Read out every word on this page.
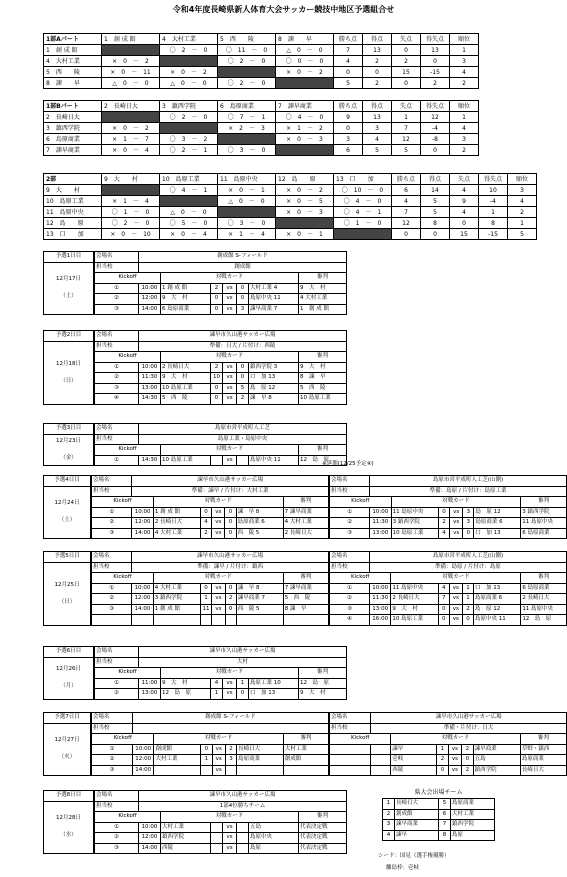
令和4年度長崎県新人体育大会サッカー競技中地区予選組合せ
1部Aパート	1　創 成 館	4　大村工業	5　西　　陵	8　諫　　早	勝ち点	得点	失点	得失点	順位
1　創 成 館		〇　2　－　0	〇　11　－　0	△　0　－　0	7	13	0	13	1
4　大村工業	×　0　－　2		〇　2　－　0	〇　0　－　0	4	2	2	0	3
5　西　　陵	×　0　－　11	×　0　－　2		×　0　－　2	0	0	15	-15	4
8　諫　　早	△　0　－　0	△　0　－　0	〇　2　－　0		5	2	0	2	2
1部Bパート	2　長崎日大	3　鎮西学院	6　島原商業	7　諫早商業	勝ち点	得点	失点	得失点	順位
2　長崎日大		〇　2　－　0	〇　7　－　1	〇　4　－　0	9	13	1	12	1
3　鎮西学院	×　0　－　2		×　2　－　3	×　1　－　2	0	3	7	-4	4
6　島原商業	×　1　－　7	〇　3　－　2		×　0　－　3	3	4	12	-8	3
7　諫早商業	×　0　－　4	〇　2　－　1	〇　3　－　0		6	5	5	0	2
2部	9　大　　村	10　島原工業	11　島原中央	12　島　　原	13　口　　加	勝ち点	得点	失点	得失点	順位
9　大　　村		〇　4　－　1	×　0　－　1	×　0　－　2	〇　10　－　0	6	14	4	10	3
10　島原工業	×　1　－　4		△　0　－　0	×　0　－　5	〇　4　－　0	4	5	9	-4	4
11　島原中央	〇　1　－　0	△　0　－　0		×　0　－　3	〇　4　－　1	7	5	4	1	2
12　島　　原	〇　2　－　0	〇　5　－　0	〇　3　－　0		〇　1　－　0	12	8	0	8	1
13　口　　加	×　0　－　10	×　0　－　4	×　1　－　4	×　0　－　1		0	0	15	-15	5
予選1日目

12月17日
（土）
会場名	創成館 S-フィールド						
担当校	創成館						
Kickoff		対戦カード					審判
①	10:00	1 創 成 館	2	vs	0	大村工業 4	9　大　村
②	12:00	9　大　村	0	vs	0	島原中央 11	4 大村工業
③	14:00	6 島原商業	0	vs	3	諫早商業 7	1　創 成 館
予選2日目

12月18日
（日）
会場名	諫早市久山港サッカー広場						
担当校	準備：日大 / 片付け：西陵						
Kickoff		対戦カード					審判
①	10:00	2 長崎日大	2	vs	0	鎮西学院 3	9　大　村
②	11:30	9　大　村	10	vs	0	口　加 13	8　諫　早
③	13:00	10 島原工業	0	vs	5	島　原 12	5　西　陵
④	14:30	5　西　陵	0	vs	2	諫　早 8	10 島原工業
予選3日目

12月23日
（金）
会場名	島原市営平成町人工芝						
担当校	島原工業・島原中央						
Kickoff		対戦カード					審判
①	14:30	10 島原工業		vs		島原中央 11	12　島　原
予選4日目

12月24日
（土）
会場名	諫早市久山港サッカー広場						
担当校	準備：諫早 / 片付け：大村工業						
Kickoff		対戦カード					審判
①	10:00	1 創 成 館	0	vs	0	諫　早 8	7 諫早商業
②	12:00	2 長崎日大	4	vs	0	島原商業 6	4 大村工業
③	14:00	4 大村工業	2	vs	0	西　陵 5	2 長崎日大
会場名	島原市営平成町人工芝(山側)						
担当校	準備：島原 / 片付け：島原工業						
Kickoff		対戦カード					審判
①	10:00	11 島原中央	0	vs	3	島　原 12	3 鎮西学院
②	11:30	3 鎮西学院	2	vs	3	島原商業 6	11 島原中央
③	13:00	10 島原工業	4	vs	0	口　加 13	6 島原商業
予選5日目

12月25日
（日）
会場名	諫早市久山港サッカー広場						
担当校	準備：諫早 / 片付け：鎮西						
Kickoff		対戦カード					審判
①	10:00	4 大村工業	0	vs	0	諫　早 8	7 諫早商業
②	12:00	3 鎮西学院	1	vs	2	諫早商業 7	5　西　陵
③	14:00	1 創 成 館	11	vs	0	西　陵 5	8 諫　早

会場名	島原市営平成町人工芝(山側)						
担当校	準備：島原 / 片付け：島原						
Kickoff		対戦カード					審判
①	10:00	11 島原中央	4	vs	1	口　加 13	6 島原商業
②	11:30	2 長崎日大	7	vs	1	島原商業 6	2 長崎日大
③	13:00	9　大　村	0	vs	2	島　原 12	11 島原中央
④	16:00	10 島原工業	0	vs	0	島原中央 11	12　島　原
予選6日目

12月26日
（月）
会場名	諫早市久山港サッカー広場						
担当校	大村						
Kickoff		対戦カード					審判
①	11:00	9　大　村	4	vs	1	島原工業 10	12　島　原
②	13:00	12　島　原	1	vs	0	口　加 13	9　大　村
予選7日目

12月27日
（火）
会場名	創成館 S-フィールド						
担当校							
Kickoff		対戦カード					審判
①	10:00	創成館	0	vs	2	長崎日大	大村工業
②	12:00	大村工業	1	vs	3	島原商業	創成館
③	14:00			vs			
会場名	諫早市久山港サッカー広場						
担当校	準備・片付け：日大						
Kickoff		対戦カード					審判
		諫早	1	vs	2	諫早商業	草野・鎮西
		壱岐	2	vs	0	五島	島原商業
		西陵	0	vs	2	鎮西学院	長崎日大
予選8日目

12月28日
（水）
会場名	諫早市久山港サッカー広場						
担当校	1部4位勝ちチーム						
Kickoff		対戦カード					審判
①	10:00	大村工業		vs		五島	代表決定戦
②	12:00	鎮西学院		vs		島原中央	代表決定戦
③	14:00	西陵		vs		島原	代表決定戦
県大会出場チーム
1	長崎日大	5	島原商業
2	創成館	6	大村工業
3	諫早商業	7	鎮西学院
4	諫早	8	島原
シード：国見（選手権優勝）
離島枠：壱岐
※延期(12/25予定④)
